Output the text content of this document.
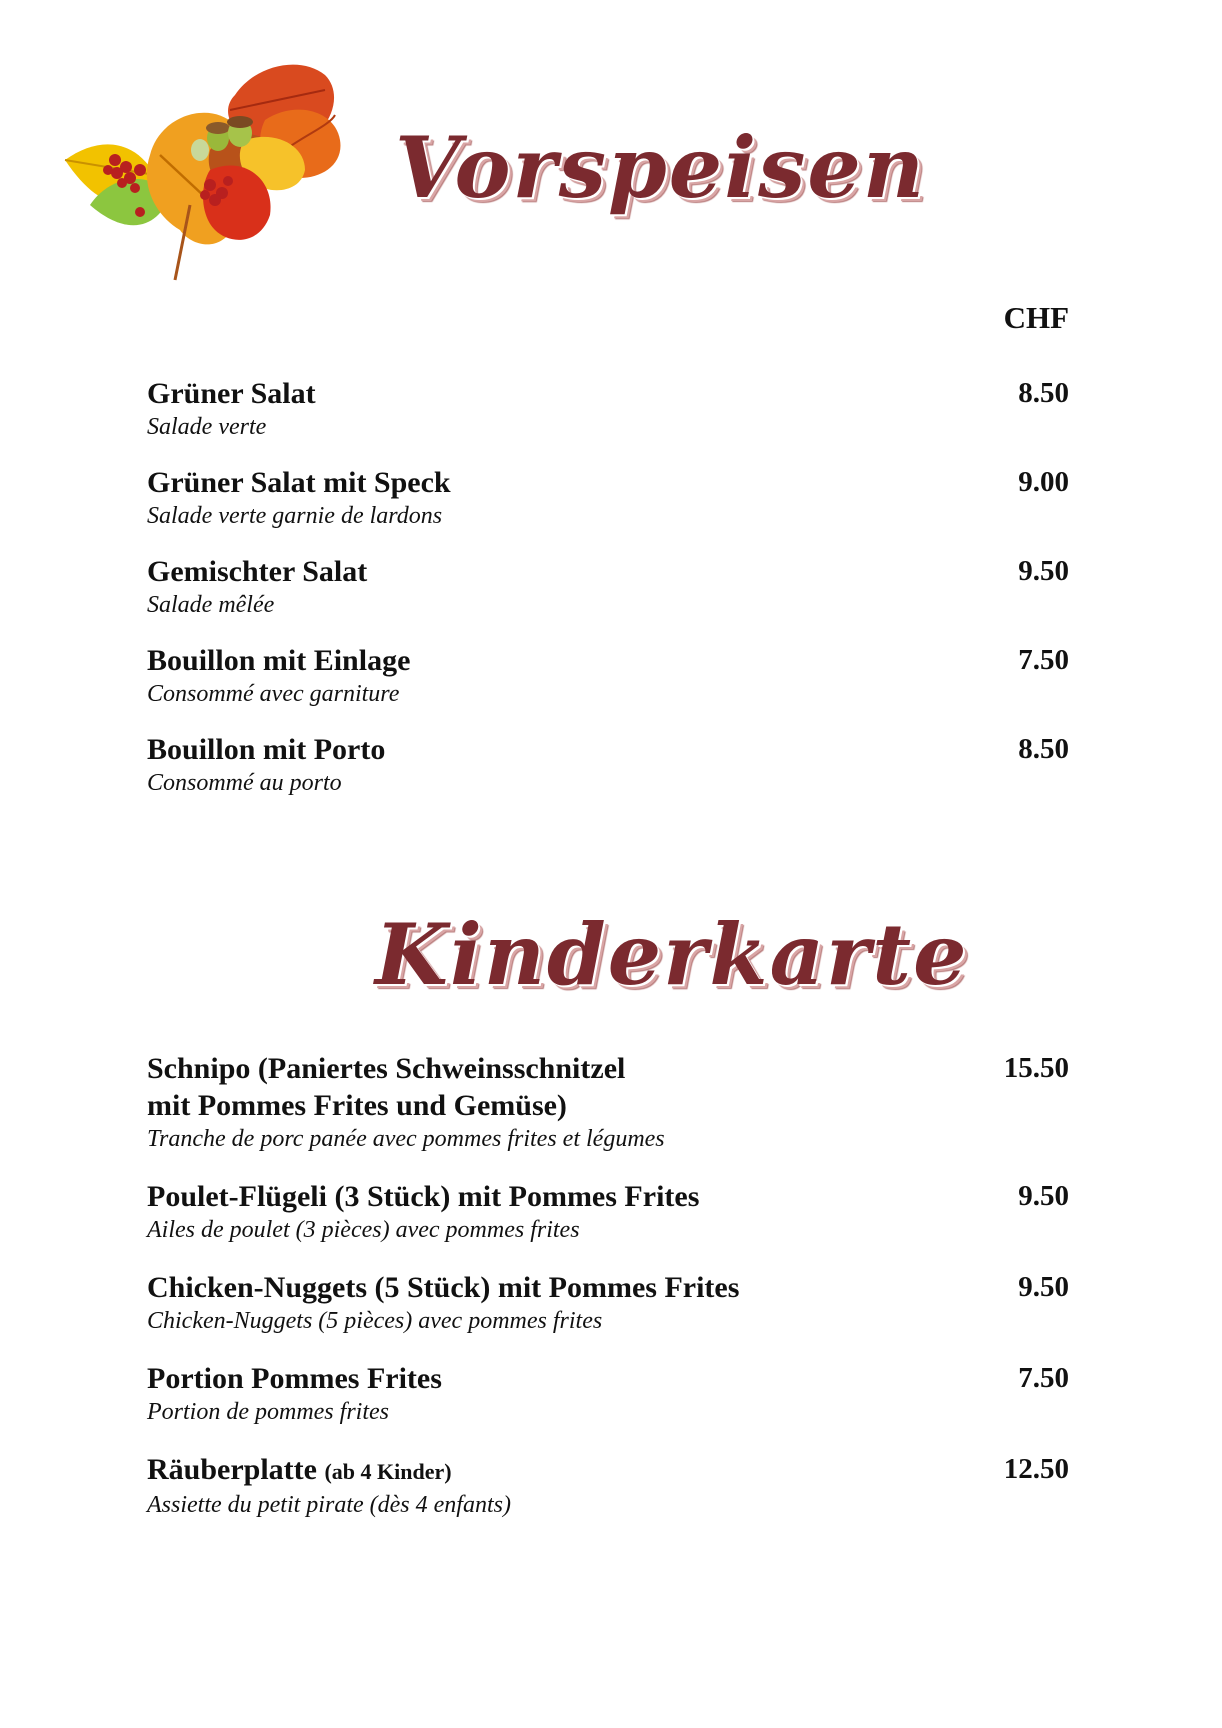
Vorspeisen
CHF
Grüner Salat
Salade verte
8.50
Grüner Salat mit Speck
Salade verte garnie de lardons
9.00
Gemischter Salat
Salade mêlée
9.50
Bouillon mit Einlage
Consommé avec garniture
7.50
Bouillon mit Porto
Consommé au porto
8.50
Kinderkarte
Schnipo (Paniertes Schweinsschnitzel
mit Pommes Frites und Gemüse)
Tranche de porc panée avec pommes frites et légumes
15.50
Poulet-Flügeli (3 Stück) mit Pommes Frites
Ailes de poulet (3 pièces) avec pommes frites
9.50
Chicken-Nuggets (5 Stück) mit Pommes Frites
Chicken-Nuggets (5 pièces) avec pommes frites
9.50
Portion Pommes Frites
Portion de pommes frites
7.50
Räuberplatte (ab 4 Kinder)
Assiette du petit pirate (dès 4 enfants)
12.50
